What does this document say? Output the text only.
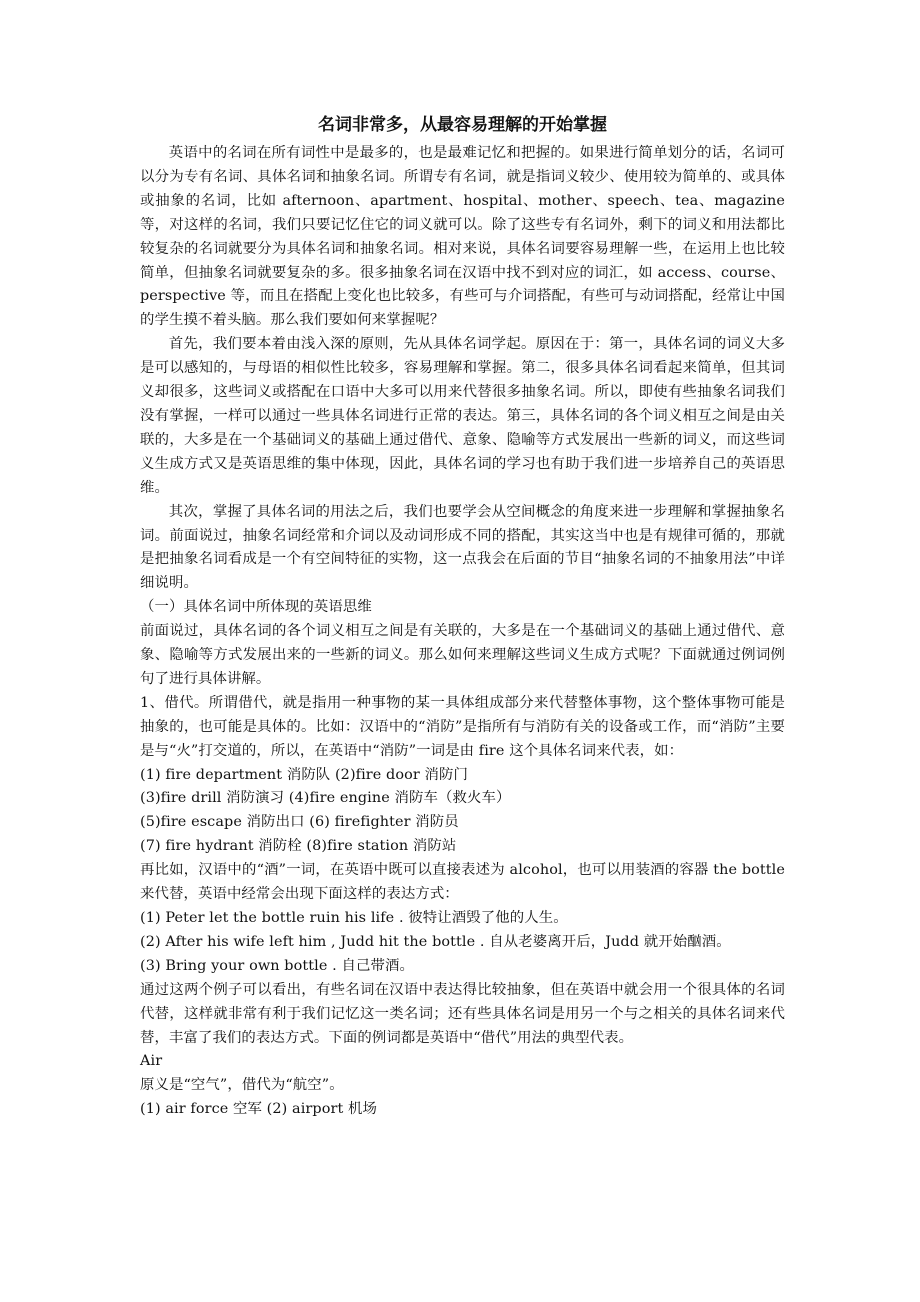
名词非常多，从最容易理解的开始掌握

英语中的名词在所有词性中是最多的，也是最难记忆和把握的。如果进行简单划分的话，名词可以分为专有名词、具体名词和抽象名词。所谓专有名词，就是指词义较少、使用较为简单的、或具体或抽象的名词，比如 afternoon、apartment、hospital、mother、speech、tea、magazine 等，对这样的名词，我们只要记忆住它的词义就可以。除了这些专有名词外，剩下的词义和用法都比较复杂的名词就要分为具体名词和抽象名词。相对来说，具体名词要容易理解一些，在运用上也比较简单，但抽象名词就要复杂的多。很多抽象名词在汉语中找不到对应的词汇，如 access、course、perspective 等，而且在搭配上变化也比较多，有些可与介词搭配，有些可与动词搭配，经常让中国的学生摸不着头脑。那么我们要如何来掌握呢？

首先，我们要本着由浅入深的原则，先从具体名词学起。原因在于：第一，具体名词的词义大多是可以感知的，与母语的相似性比较多，容易理解和掌握。第二，很多具体名词看起来简单，但其词义却很多，这些词义或搭配在口语中大多可以用来代替很多抽象名词。所以，即使有些抽象名词我们没有掌握，一样可以通过一些具体名词进行正常的表达。第三，具体名词的各个词义相互之间是由关联的，大多是在一个基础词义的基础上通过借代、意象、隐喻等方式发展出一些新的词义，而这些词义生成方式又是英语思维的集中体现，因此，具体名词的学习也有助于我们进一步培养自己的英语思维。

其次，掌握了具体名词的用法之后，我们也要学会从空间概念的角度来进一步理解和掌握抽象名词。前面说过，抽象名词经常和介词以及动词形成不同的搭配，其实这当中也是有规律可循的，那就是把抽象名词看成是一个有空间特征的实物，这一点我会在后面的节目“抽象名词的不抽象用法”中详细说明。

（一）具体名词中所体现的英语思维

前面说过，具体名词的各个词义相互之间是有关联的，大多是在一个基础词义的基础上通过借代、意象、隐喻等方式发展出来的一些新的词义。那么如何来理解这些词义生成方式呢？下面就通过例词例句了进行具体讲解。

1、借代。所谓借代，就是指用一种事物的某一具体组成部分来代替整体事物，这个整体事物可能是抽象的，也可能是具体的。比如：汉语中的“消防”是指所有与消防有关的设备或工作，而“消防”主要是与“火”打交道的，所以，在英语中“消防”一词是由 fire 这个具体名词来代表，如：

(1) fire department 消防队 (2)fire door 消防门

(3)fire drill 消防演习 (4)fire engine 消防车（救火车）

(5)fire escape 消防出口 (6) firefighter 消防员

(7) fire hydrant 消防栓 (8)fire station 消防站

再比如，汉语中的“酒”一词，在英语中既可以直接表述为 alcohol，也可以用装酒的容器 the bottle 来代替，英语中经常会出现下面这样的表达方式：

(1) Peter let the bottle ruin his life . 彼特让酒毁了他的人生。

(2) After his wife left him , Judd hit the bottle . 自从老婆离开后，Judd 就开始酗酒。

(3) Bring your own bottle . 自己带酒。

通过这两个例子可以看出，有些名词在汉语中表达得比较抽象，但在英语中就会用一个很具体的名词代替，这样就非常有利于我们记忆这一类名词；还有些具体名词是用另一个与之相关的具体名词来代替，丰富了我们的表达方式。下面的例词都是英语中“借代”用法的典型代表。

Air

原义是“空气”，借代为“航空”。

(1) air force 空军 (2) airport 机场
